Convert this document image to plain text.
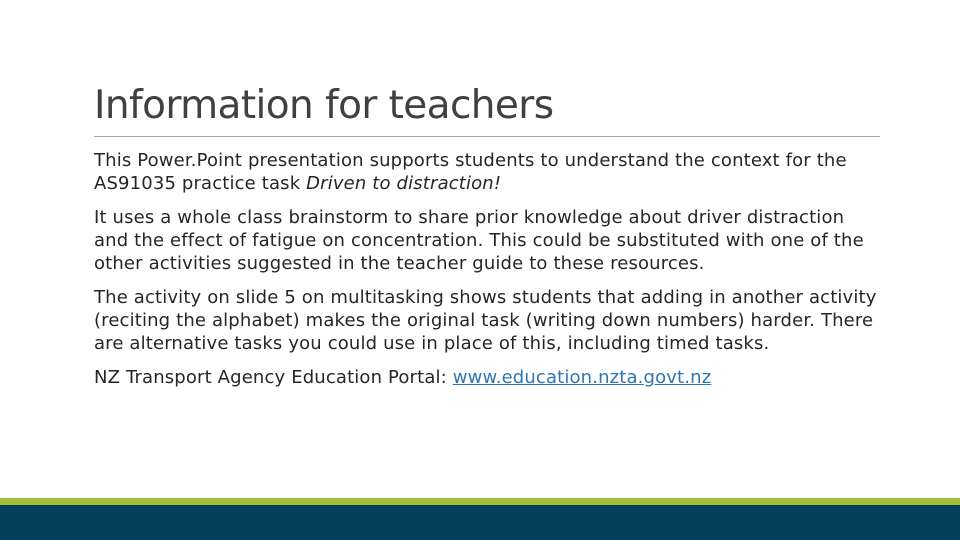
Information for teachers

This Power.Point presentation supports students to understand the context for the AS91035 practice task Driven to distraction!

It uses a whole class brainstorm to share prior knowledge about driver distraction and the effect of fatigue on concentration. This could be substituted with one of the other activities suggested in the teacher guide to these resources.

The activity on slide 5 on multitasking shows students that adding in another activity (reciting the alphabet) makes the original task (writing down numbers) harder. There are alternative tasks you could use in place of this, including timed tasks.

NZ Transport Agency Education Portal: www.education.nzta.govt.nz
